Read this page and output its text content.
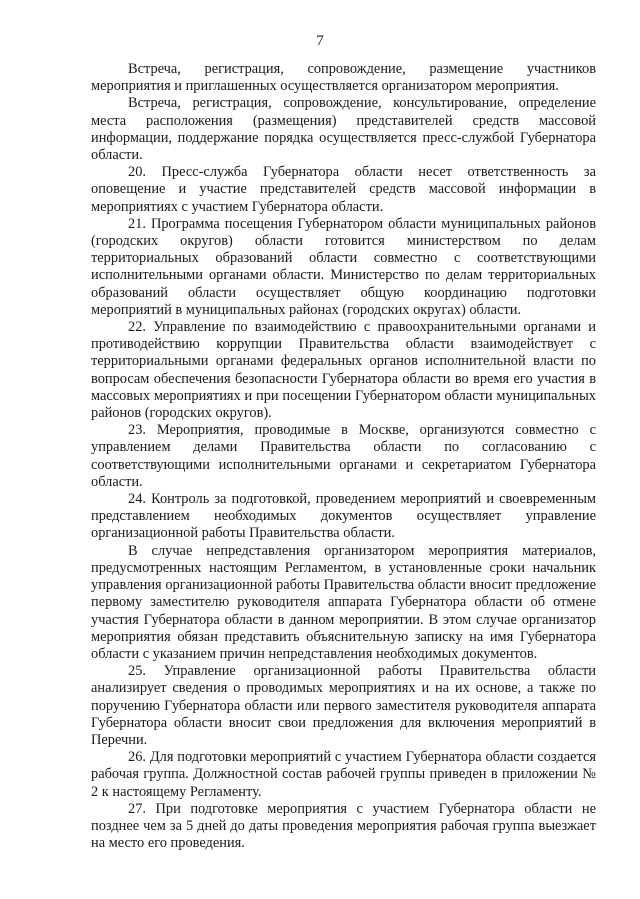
7

Встреча, регистрация, сопровождение, размещение участников мероприятия и приглашенных осуществляется организатором мероприятия.

Встреча, регистрация, сопровождение, консультирование, определение места расположения (размещения) представителей средств массовой информации, поддержание порядка осуществляется пресс-службой Губернатора области.

20. Пресс-служба Губернатора области несет ответственность за оповещение и участие представителей средств массовой информации в мероприятиях с участием Губернатора области.

21. Программа посещения Губернатором области муниципальных районов (городских округов) области готовится министерством по делам территориальных образований области совместно с соответствующими исполнительными органами области. Министерство по делам территориальных образований области осуществляет общую координацию подготовки мероприятий в муниципальных районах (городских округах) области.

22. Управление по взаимодействию с правоохранительными органами и противодействию коррупции Правительства области взаимодействует с территориальными органами федеральных органов исполнительной власти по вопросам обеспечения безопасности Губернатора области во время его участия в массовых мероприятиях и при посещении Губернатором области муниципальных районов (городских округов).

23. Мероприятия, проводимые в Москве, организуются совместно с управлением делами Правительства области по согласованию с соответствующими исполнительными органами и секретариатом Губернатора области.

24. Контроль за подготовкой, проведением мероприятий и своевременным представлением необходимых документов осуществляет управление организационной работы Правительства области.

В случае непредставления организатором мероприятия материалов, предусмотренных настоящим Регламентом, в установленные сроки начальник управления организационной работы Правительства области вносит предложение первому заместителю руководителя аппарата Губернатора области об отмене участия Губернатора области в данном мероприятии. В этом случае организатор мероприятия обязан представить объяснительную записку на имя Губернатора области с указанием причин непредставления необходимых документов.

25. Управление организационной работы Правительства области анализирует сведения о проводимых мероприятиях и на их основе, а также по поручению Губернатора области или первого заместителя руководителя аппарата Губернатора области вносит свои предложения для включения мероприятий в Перечни.

26. Для подготовки мероприятий с участием Губернатора области создается рабочая группа. Должностной состав рабочей группы приведен в приложении № 2 к настоящему Регламенту.

27. При подготовке мероприятия с участием Губернатора области не позднее чем за 5 дней до даты проведения мероприятия рабочая группа выезжает на место его проведения.
